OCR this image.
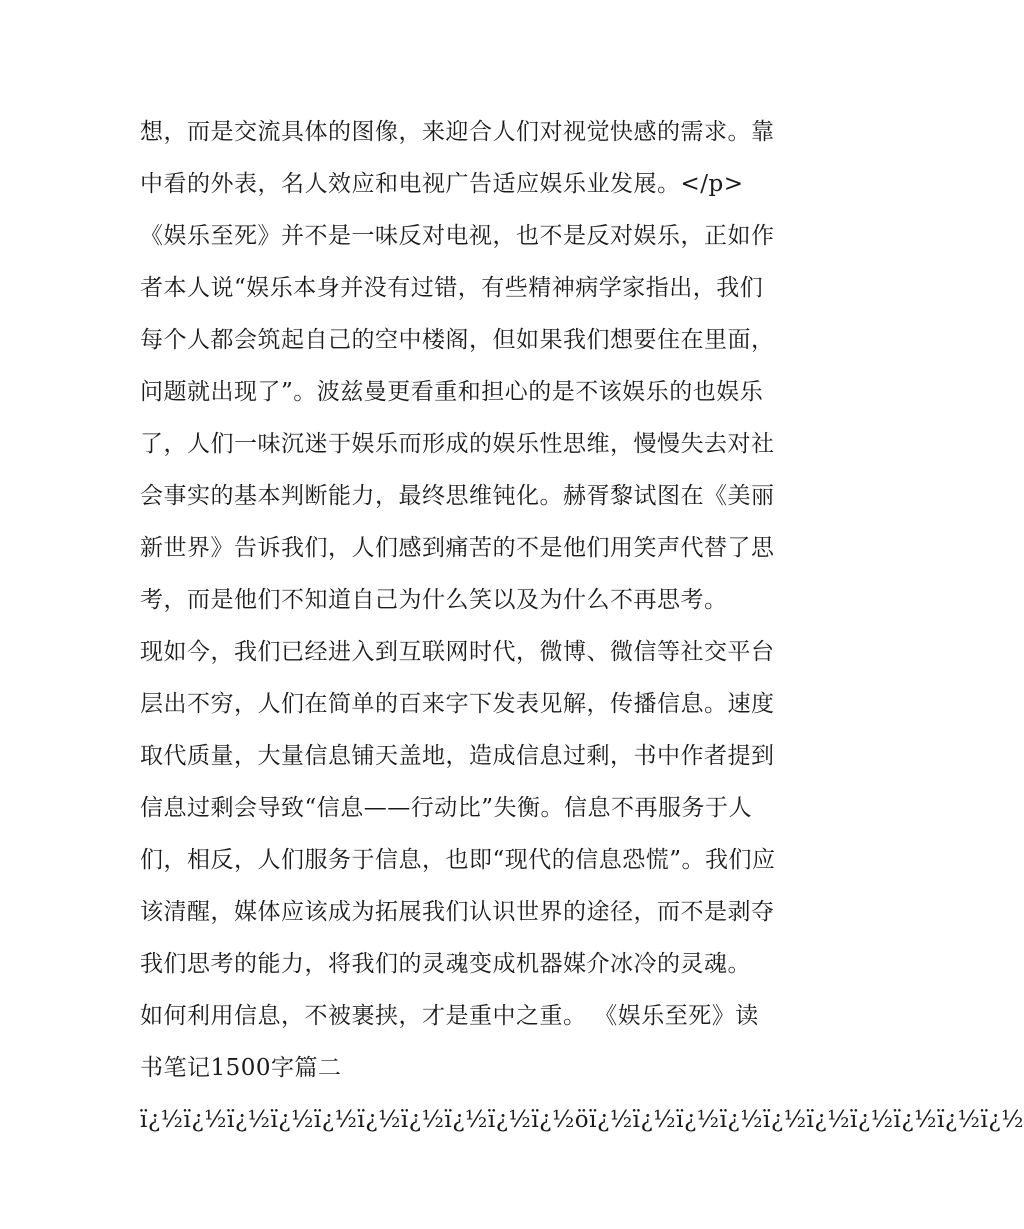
想，而是交流具体的图像，来迎合人们对视觉快感的需求。靠
中看的外表，名人效应和电视广告适应娱乐业发展。</p>
《娱乐至死》并不是一味反对电视，也不是反对娱乐，正如作
者本人说“娱乐本身并没有过错，有些精神病学家指出，我们
每个人都会筑起自己的空中楼阁，但如果我们想要住在里面，
问题就出现了”。波兹曼更看重和担心的是不该娱乐的也娱乐
了，人们一味沉迷于娱乐而形成的娱乐性思维，慢慢失去对社
会事实的基本判断能力，最终思维钝化。赫胥黎试图在《美丽
新世界》告诉我们，人们感到痛苦的不是他们用笑声代替了思
考，而是他们不知道自己为什么笑以及为什么不再思考。
现如今，我们已经进入到互联网时代，微博、微信等社交平台
层出不穷，人们在简单的百来字下发表见解，传播信息。速度
取代质量，大量信息铺天盖地，造成信息过剩，书中作者提到
信息过剩会导致“信息——行动比”失衡。信息不再服务于人
们，相反，人们服务于信息，也即“现代的信息恐慌”。我们应
该清醒，媒体应该成为拓展我们认识世界的途径，而不是剥夺
我们思考的能力，将我们的灵魂变成机器媒介冰冷的灵魂。
如何利用信息，不被裹挟，才是重中之重。 《娱乐至死》读
书笔记1500字篇二
ï¿½ï¿½ï¿½ï¿½ï¿½ï¿½ï¿½ï¿½ï¿½ï¿½öï¿½ï¿½ï¿½ï¿½ï¿½ï¿½ï¿½ï¿½ï¿½ï¿½
